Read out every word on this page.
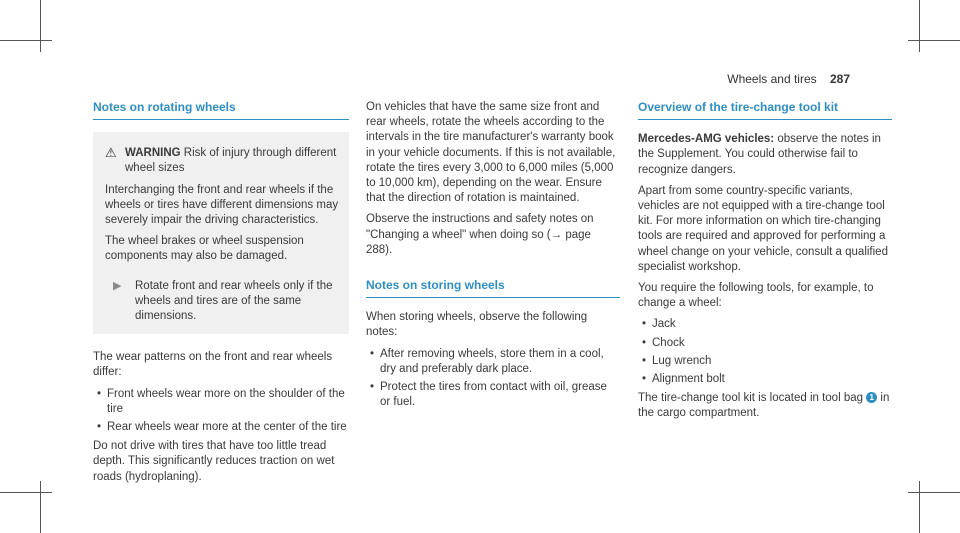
Wheels and tires 287
Notes on rotating wheels
⚠ WARNING Risk of injury through different wheel sizes

Interchanging the front and rear wheels if the wheels or tires have different dimensions may severely impair the driving characteristics.

The wheel brakes or wheel suspension components may also be damaged.

▶	Rotate front and rear wheels only if the wheels and tires are of the same dimensions.

The wear patterns on the front and rear wheels differ:

• Front wheels wear more on the shoulder of the tire
• Rear wheels wear more at the center of the tire

Do not drive with tires that have too little tread depth. This significantly reduces traction on wet roads (hydroplaning).

On vehicles that have the same size front and rear wheels, rotate the wheels according to the intervals in the tire manufacturer's warranty book in your vehicle documents. If this is not available, rotate the tires every 3,000 to 6,000 miles (5,000 to 10,000 km), depending on the wear. Ensure that the direction of rotation is maintained.

Observe the instructions and safety notes on "Changing a wheel" when doing so (→ page 288).

Notes on storing wheels

When storing wheels, observe the following notes:

• After removing wheels, store them in a cool, dry and preferably dark place.
• Protect the tires from contact with oil, grease or fuel.
Overview of the tire-change tool kit

Mercedes-AMG vehicles: observe the notes in the Supplement. You could otherwise fail to recognize dangers.

Apart from some country-specific variants, vehicles are not equipped with a tire-change tool kit. For more information on which tire-changing tools are required and approved for performing a wheel change on your vehicle, consult a qualified specialist workshop.

You require the following tools, for example, to change a wheel:

• Jack
• Chock
• Lug wrench
• Alignment bolt

The tire-change tool kit is located in tool bag 1 in the cargo compartment.
